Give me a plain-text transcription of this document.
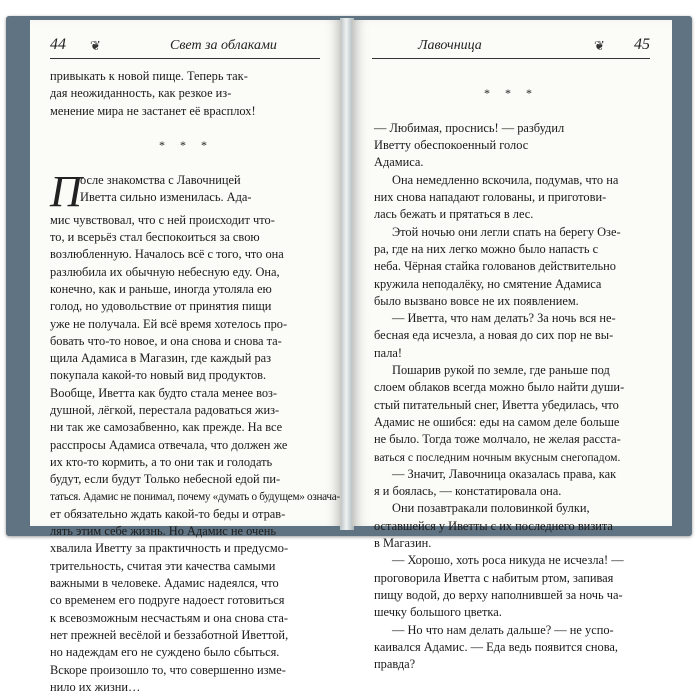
44 ❦	Свет за облаками	Лавочница	❦ 45
привыкать к новой пище. Теперь так-
дая неожиданность, как резкое из-
менение мира не застанет её врасплох!
* * *
П
осле знакомства с Лавочницей
Иветта сильно изменилась. Ада-
мис чувствовал, что с ней происходит что-
то, и всерьёз стал беспокоиться за свою
возлюбленную. Началось всё с того, что она
разлюбила их обычную небесную еду. Она,
конечно, как и раньше, иногда утоляла ею
голод, но удовольствие от принятия пищи
уже не получала. Ей всё время хотелось про-
бовать что-то новое, и она снова и снова та-
щила Адамиса в Магазин, где каждый раз
покупала какой-то новый вид продуктов.
Вообще, Иветта как будто стала менее воз-
душной, лёгкой, перестала радоваться жиз-
ни так же самозабвенно, как прежде. На все
расспросы Адамиса отвечала, что должен же
их кто-то кормить, а то они так и голодать
будут, если будут Только небесной едой пи-
таться. Адамис не понимал, почему «думать о будущем» означа-
ет обязательно ждать какой-то беды и отрав-
лять этим себе жизнь. Но Адамис не очень
хвалила Иветту за практичность и предусмо-
трительность, считая эти качества самыми
важными в человеке. Адамис надеялся, что
со временем его подруге надоест готовиться
к всевозможным несчастьям и она снова ста-
нет прежней весёлой и беззаботной Иветтой,
но надеждам его не суждено было сбыться.
Вскоре произошло то, что совершенно изме-
нило их жизни…
* * *
— Любимая, проснись! — разбудил
Иветту обеспокоенный голос
Адамиса.
Она немедленно вскочила, подумав, что на
них снова нападают голованы, и приготови-
лась бежать и прятаться в лес.
Этой ночью они легли спать на берегу Озе-
ра, где на них легко можно было напасть с
неба. Чёрная стайка голованов действительно
кружила неподалёку, но смятение Адамиса
было вызвано вовсе не их появлением.
— Иветта, что нам делать? За ночь вся не-
бесная еда исчезла, а новая до сих пор не вы-
пала!
Пошарив рукой по земле, где раньше под
слоем облаков всегда можно было найти души-
стый питательный снег, Иветта убедилась, что
Адамис не ошибся: еды на самом деле больше
не было. Тогда тоже молчало, не желая расста-
ваться с последним ночным вкусным снегопадом.
— Значит, Лавочница оказалась права, как
я и боялась, — констатировала она.
Они позавтракали половинкой булки,
оставшейся у Иветты с их последнего визита
в Магазин.
— Хорошо, хоть роса никуда не исчезла! —
проговорила Иветта с набитым ртом, запивая
пищу водой, до верху наполнившей за ночь ча-
шечку большого цветка.
— Но что нам делать дальше? — не успо-
каивался Адамис. — Еда ведь появится снова,
правда?
